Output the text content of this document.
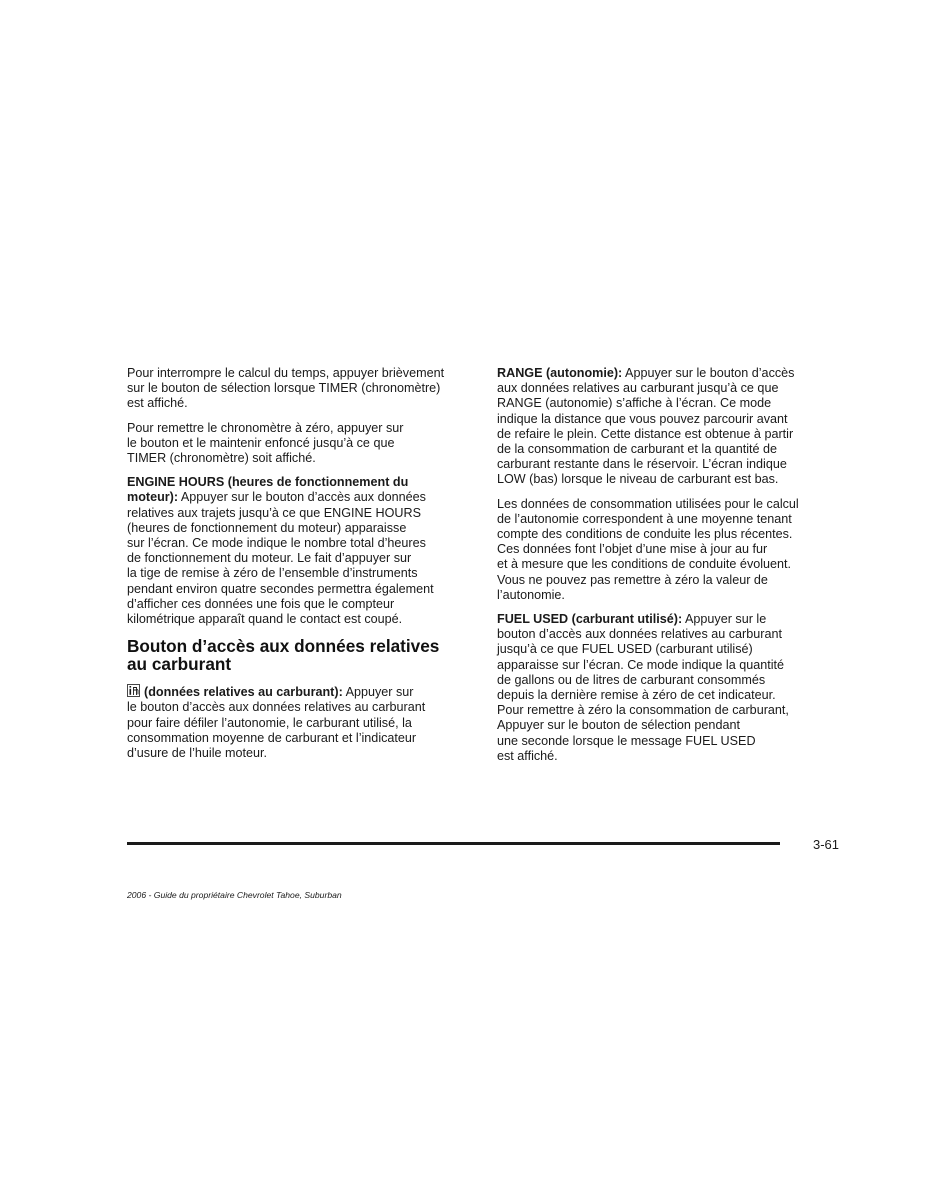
Pour interrompre le calcul du temps, appuyer brièvement
sur le bouton de sélection lorsque TIMER (chronomètre)
est affiché.

Pour remettre le chronomètre à zéro, appuyer sur
le bouton et le maintenir enfoncé jusqu’à ce que
TIMER (chronomètre) soit affiché.

ENGINE HOURS (heures de fonctionnement du
moteur): Appuyer sur le bouton d’accès aux données
relatives aux trajets jusqu’à ce que ENGINE HOURS
(heures de fonctionnement du moteur) apparaisse
sur l’écran. Ce mode indique le nombre total d’heures
de fonctionnement du moteur. Le fait d’appuyer sur
la tige de remise à zéro de l’ensemble d’instruments
pendant environ quatre secondes permettra également
d’afficher ces données une fois que le compteur
kilométrique apparaît quand le contact est coupé.

Bouton d’accès aux données relatives
au carburant

(données relatives au carburant): Appuyer sur
le bouton d’accès aux données relatives au carburant
pour faire défiler l’autonomie, le carburant utilisé, la
consommation moyenne de carburant et l’indicateur
d’usure de l’huile moteur.

RANGE (autonomie): Appuyer sur le bouton d’accès
aux données relatives au carburant jusqu’à ce que
RANGE (autonomie) s’affiche à l’écran. Ce mode
indique la distance que vous pouvez parcourir avant
de refaire le plein. Cette distance est obtenue à partir
de la consommation de carburant et la quantité de
carburant restante dans le réservoir. L’écran indique
LOW (bas) lorsque le niveau de carburant est bas.

Les données de consommation utilisées pour le calcul
de l’autonomie correspondent à une moyenne tenant
compte des conditions de conduite les plus récentes.
Ces données font l’objet d’une mise à jour au fur
et à mesure que les conditions de conduite évoluent.
Vous ne pouvez pas remettre à zéro la valeur de
l’autonomie.

FUEL USED (carburant utilisé): Appuyer sur le
bouton d’accès aux données relatives au carburant
jusqu’à ce que FUEL USED (carburant utilisé)
apparaisse sur l’écran. Ce mode indique la quantité
de gallons ou de litres de carburant consommés
depuis la dernière remise à zéro de cet indicateur.
Pour remettre à zéro la consommation de carburant,
Appuyer sur le bouton de sélection pendant
une seconde lorsque le message FUEL USED
est affiché.

3-61
2006 - Guide du propriétaire Chevrolet Tahoe, Suburban
